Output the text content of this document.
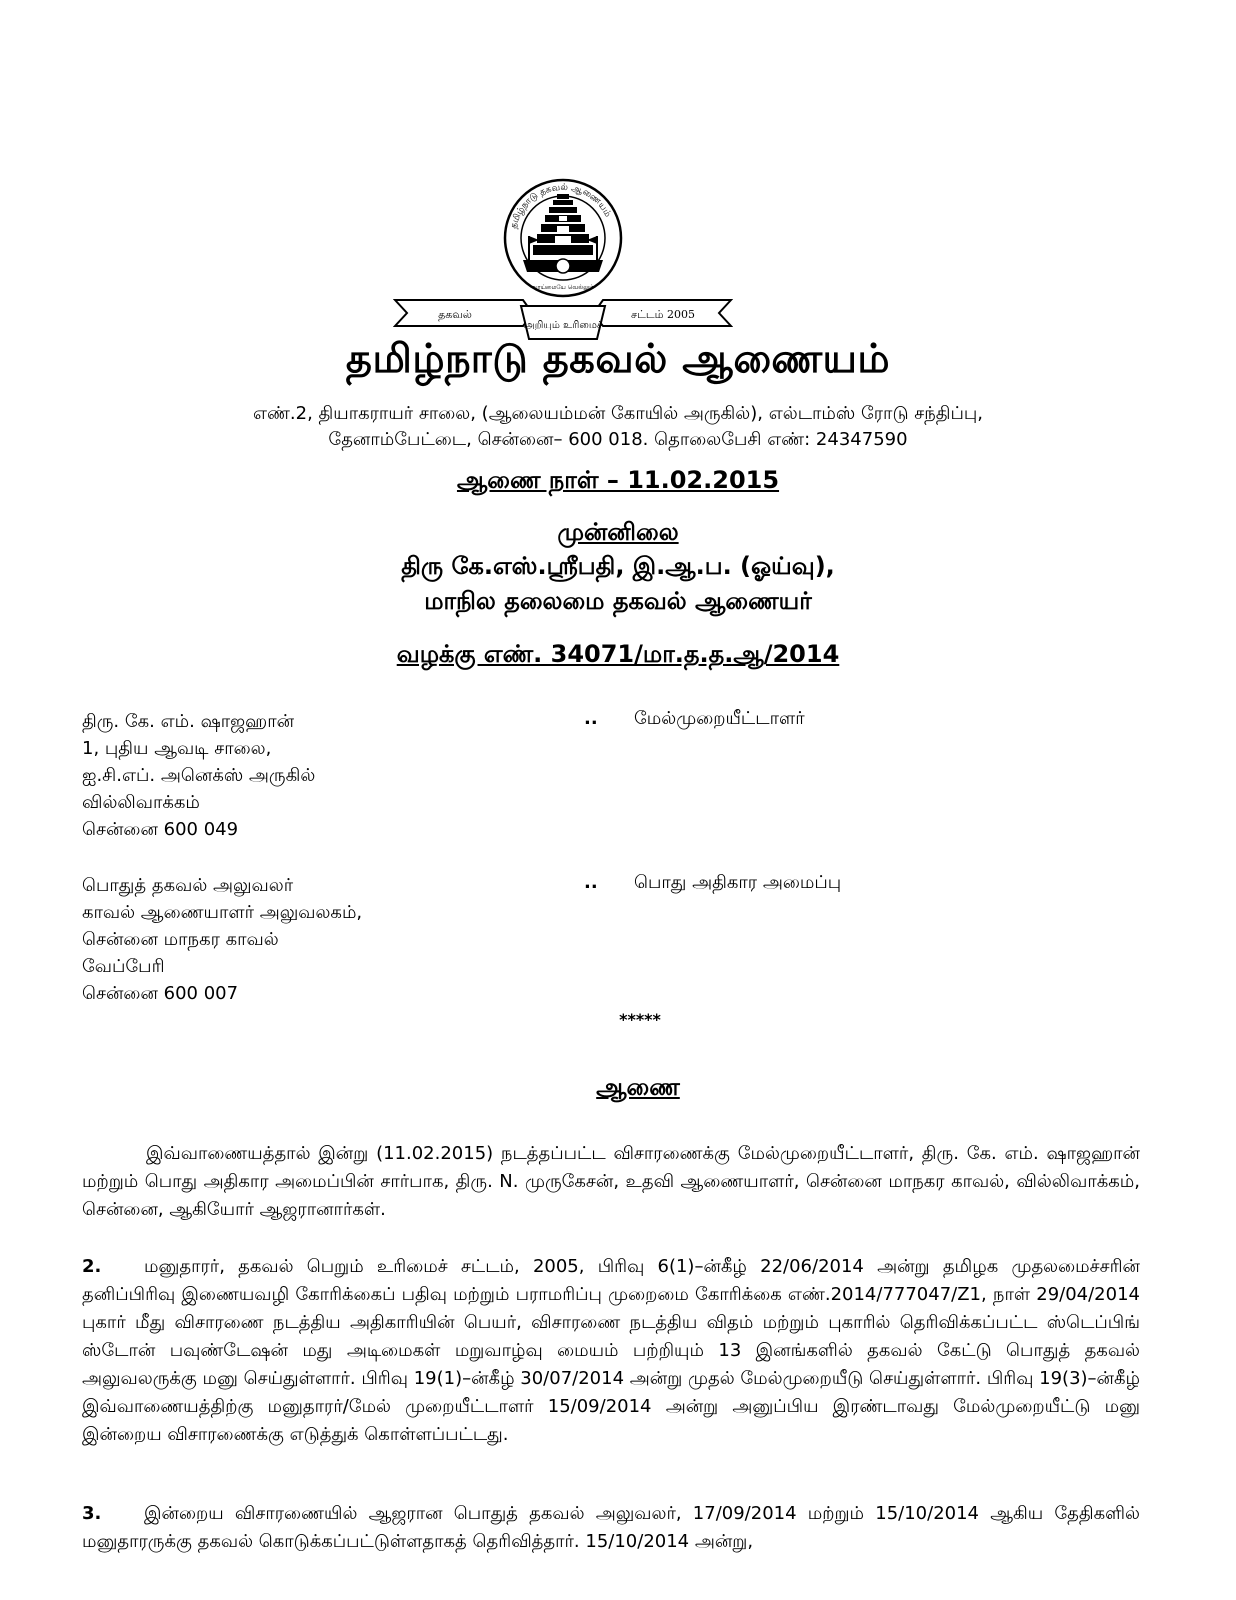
தமிழ்நாடு தகவல் ஆணையம்
வாய்மையே வெல்லும்
தகவல்
அறியும் உரிமைச்
சட்டம் 2005
தமிழ்நாடு தகவல் ஆணையம்
எண்.2, தியாகராயர் சாலை, (ஆலையம்மன் கோயில் அருகில்), எல்டாம்ஸ் ரோடு சந்திப்பு,
தேனாம்பேட்டை, சென்னை– 600 018. தொலைபேசி எண்: 24347590
ஆணை நாள் – 11.02.2015
முன்னிலை
திரு கே.எஸ்.ஸ்ரீபதி, இ.ஆ.ப. (ஓய்வு),
மாநில தலைமை தகவல் ஆணையர்
வழக்கு எண். 34071/மா.த.த.ஆ/2014
திரு. கே. எம். ஷாஜஹான்
1, புதிய ஆவடி சாலை,
ஐ.சி.எப். அனெக்ஸ் அருகில்
வில்லிவாக்கம்
சென்னை 600 049
.. மேல்முறையீட்டாளர்
பொதுத் தகவல் அலுவலர்
காவல் ஆணையாளர் அலுவலகம்,
சென்னை மாநகர காவல்
வேப்பேரி
சென்னை 600 007
.. பொது அதிகார அமைப்பு
*****
ஆணை
இவ்வாணையத்தால் இன்று (11.02.2015) நடத்தப்பட்ட விசாரணைக்கு மேல்முறையீட்டாளர், திரு. கே. எம். ஷாஜஹான் மற்றும் பொது அதிகார அமைப்பின் சார்பாக, திரு. N. முருகேசன், உதவி ஆணையாளர், சென்னை மாநகர காவல், வில்லிவாக்கம், சென்னை, ஆகியோர் ஆஜரானார்கள்.
2. மனுதாரர், தகவல் பெறும் உரிமைச் சட்டம், 2005, பிரிவு 6(1)–ன்கீழ் 22/06/2014 அன்று தமிழக முதலமைச்சரின் தனிப்பிரிவு இணையவழி கோரிக்கைப் பதிவு மற்றும் பராமரிப்பு முறைமை கோரிக்கை எண்.2014/777047/Z1, நாள் 29/04/2014 புகார் மீது விசாரணை நடத்திய அதிகாரியின் பெயர், விசாரணை நடத்திய விதம் மற்றும் புகாரில் தெரிவிக்கப்பட்ட ஸ்டெப்பிங் ஸ்டோன் பவுண்டேஷன் மது அடிமைகள் மறுவாழ்வு மையம் பற்றியும் 13 இனங்களில் தகவல் கேட்டு பொதுத் தகவல் அலுவலருக்கு மனு செய்துள்ளார். பிரிவு 19(1)–ன்கீழ் 30/07/2014 அன்று முதல் மேல்முறையீடு செய்துள்ளார். பிரிவு 19(3)–ன்கீழ் இவ்வாணையத்திற்கு மனுதாரர்/மேல் முறையீட்டாளர் 15/09/2014 அன்று அனுப்பிய இரண்டாவது மேல்முறையீட்டு மனு இன்றைய விசாரணைக்கு எடுத்துக் கொள்ளப்பட்டது.
3. இன்றைய விசாரணையில் ஆஜரான பொதுத் தகவல் அலுவலர், 17/09/2014 மற்றும் 15/10/2014 ஆகிய தேதிகளில் மனுதாரருக்கு தகவல் கொடுக்கப்பட்டுள்ளதாகத் தெரிவித்தார். 15/10/2014 அன்று,
